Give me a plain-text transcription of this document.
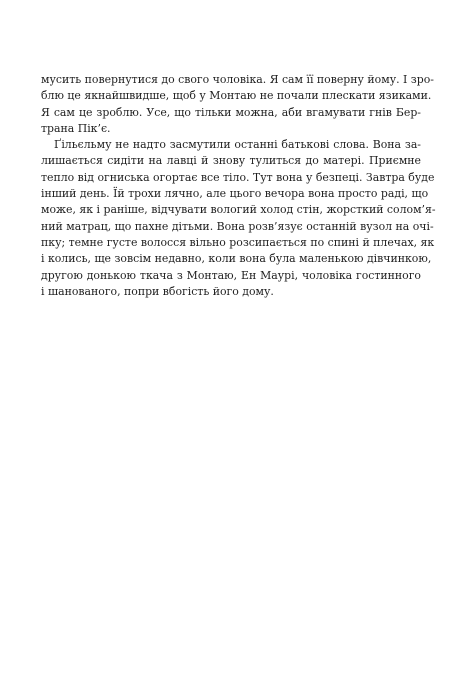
мусить повернутися до свого чоловіка. Я сам її поверну йому. І зро-
блю це якнайшвидше, щоб у Монтаю не почали плескати язиками.
Я сам це зроблю. Усе, що тільки можна, аби вгамувати гнів Бер-
трана Пік’є.
Ґільєльму не надто засмутили останні батькові слова. Вона за-
лишається сидіти на лавці й знову тулиться до матері. Приємне
тепло від огниська огортає все тіло. Тут вона у безпеці. Завтра буде
інший день. Їй трохи лячно, але цього вечора вона просто раді, що
може, як і раніше, відчувати вологий холод стін, жорсткий солом’я-
ний матрац, що пахне дітьми. Вона розв’язує останній вузол на очі-
пку; темне густе волосся вільно розсипається по спині й плечах, як
і колись, ще зовсім недавно, коли вона була маленькою дівчинкою,
другою донькою ткача з Монтаю, Ен Маурі, чоловіка гостинного
і шанованого, попри вбогість його дому.
